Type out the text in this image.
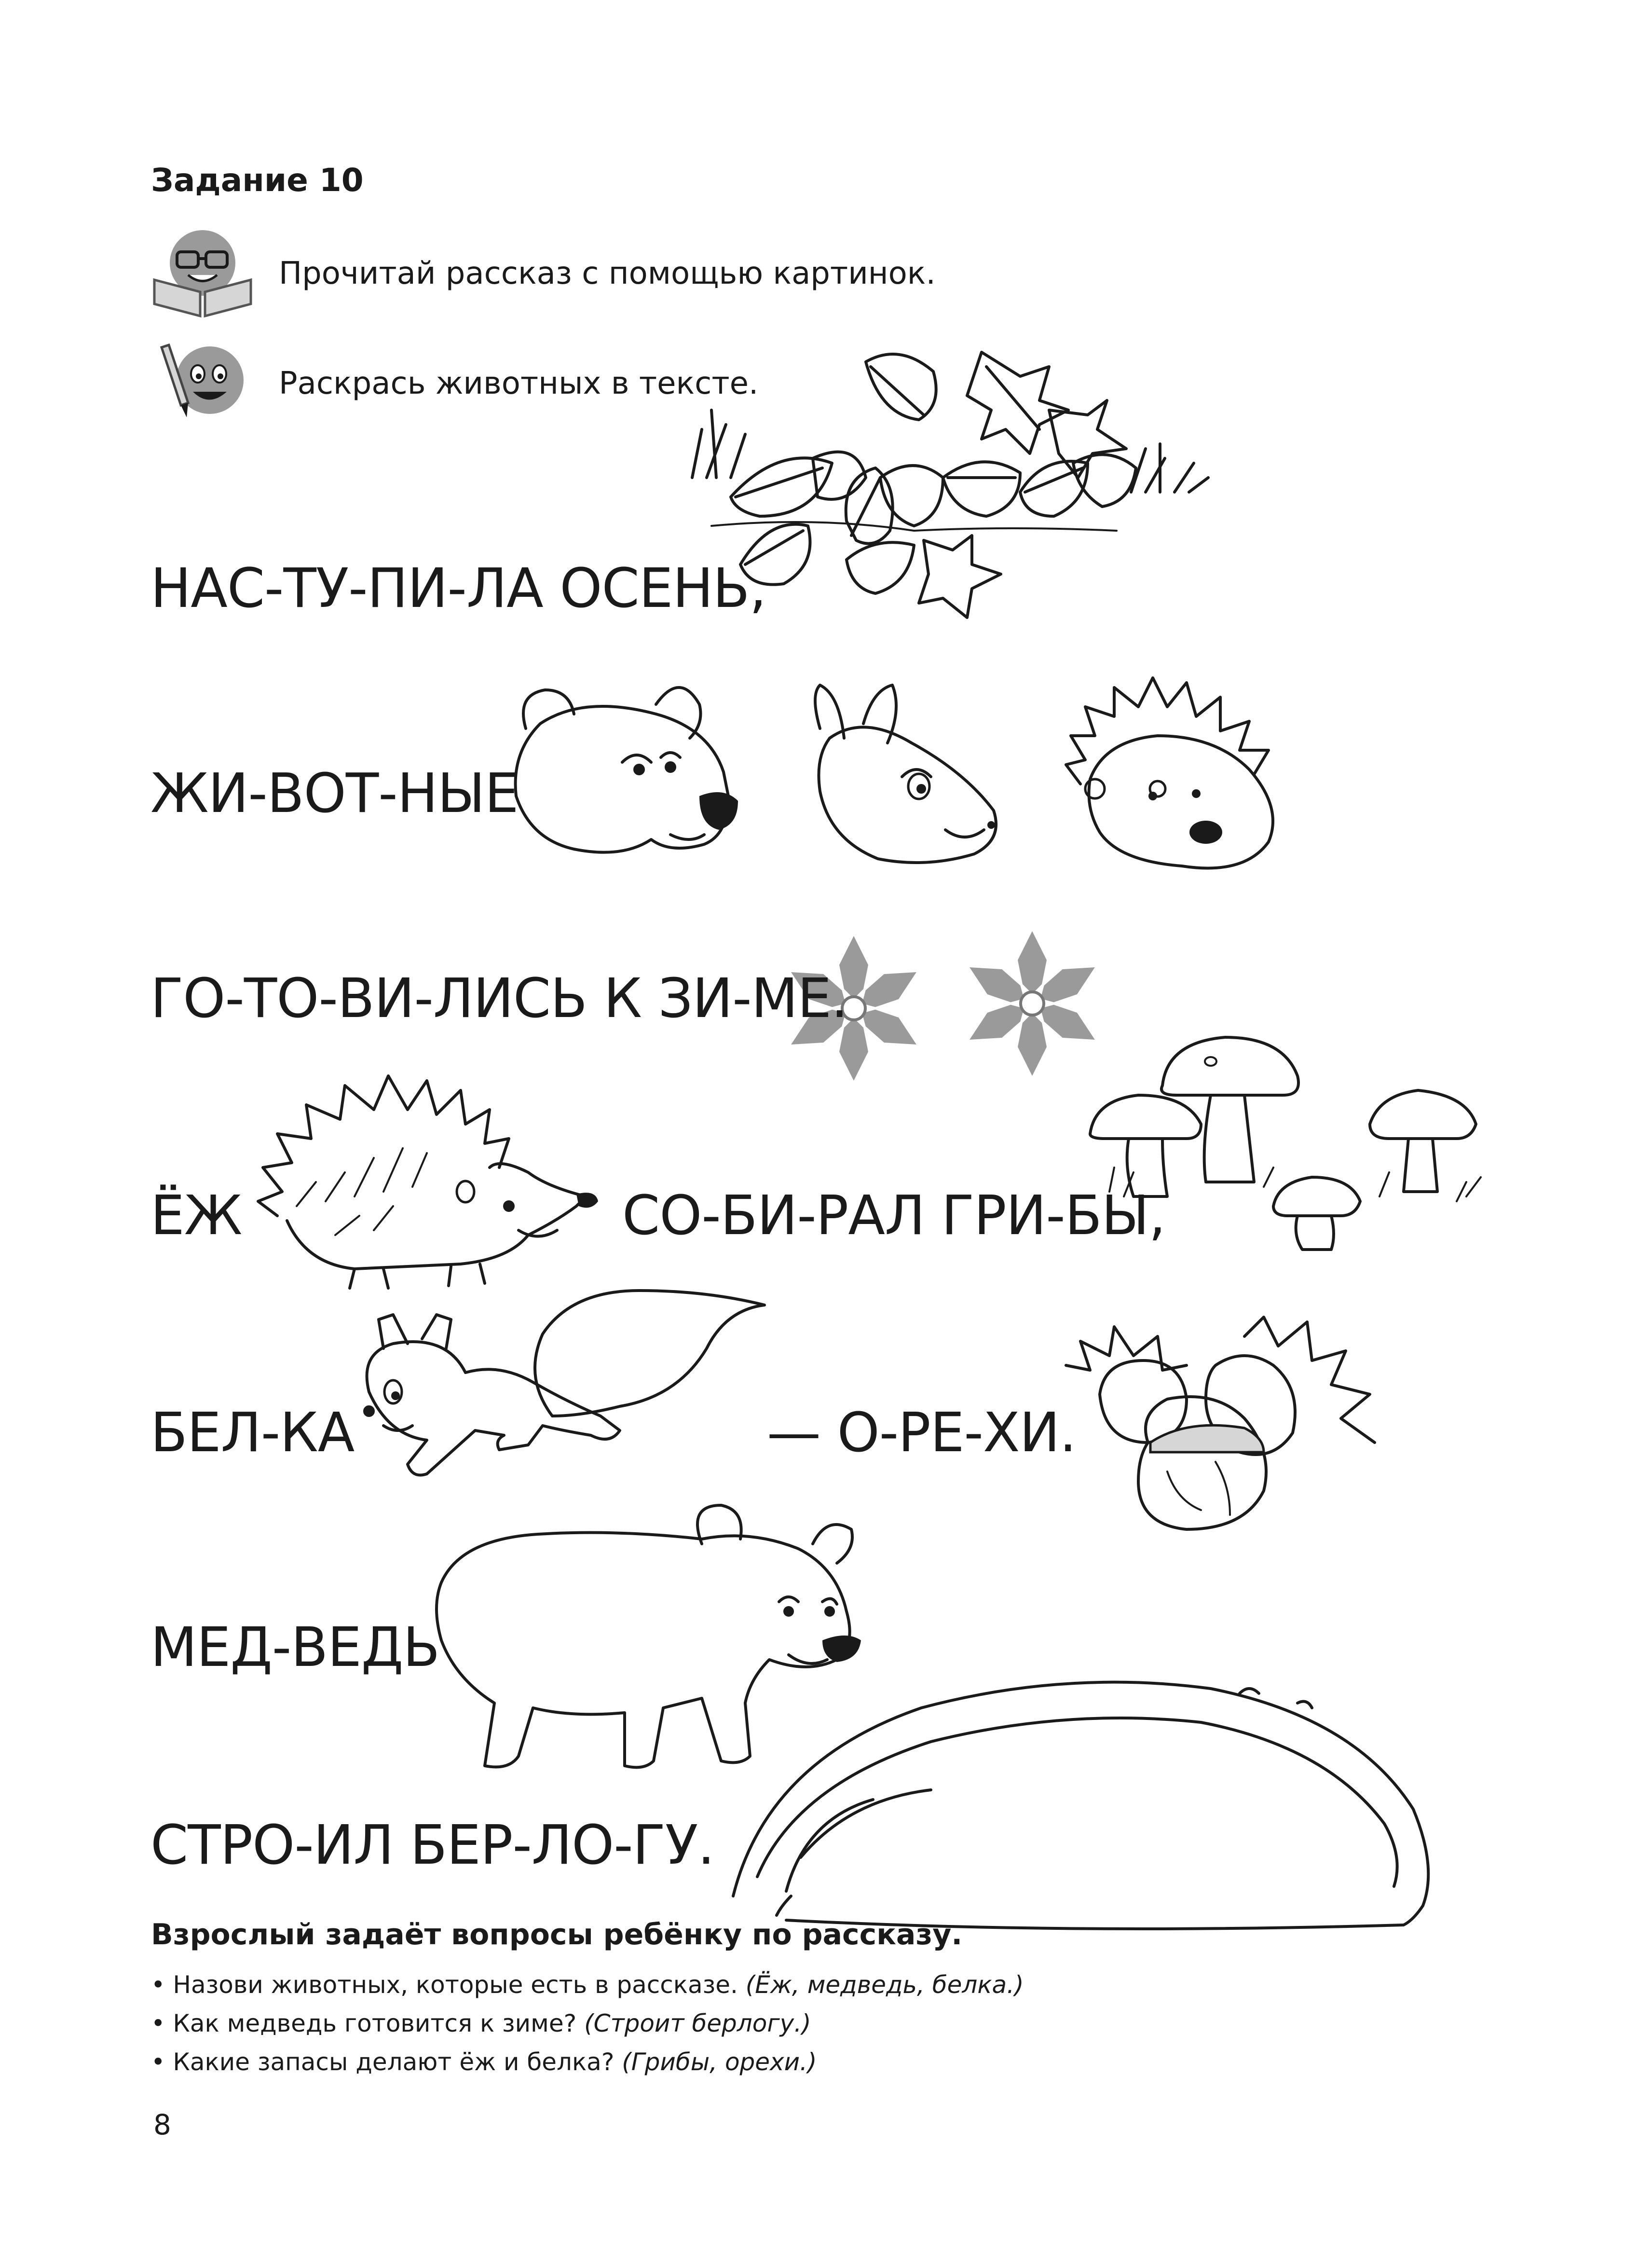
Задание 10
Прочитай рассказ с помощью картинок.
Раскрась животных в тексте.
НАС-ТУ-ПИ-ЛА ОСЕНЬ,
ЖИ-ВОТ-НЫЕ
ГО-ТО-ВИ-ЛИСЬ К ЗИ-МЕ.
ЁЖ	СО-БИ-РАЛ ГРИ-БЫ,
БЕЛ-КА	— О-РЕ-ХИ.
МЕД-ВЕДЬ
СТРО-ИЛ БЕР-ЛО-ГУ.
Взрослый задаёт вопросы ребёнку по рассказу.
• Назови животных, которые есть в рассказе. (Ёж, медведь, белка.)
• Как медведь готовится к зиме? (Строит берлогу.)
• Какие запасы делают ёж и белка? (Грибы, орехи.)
8
